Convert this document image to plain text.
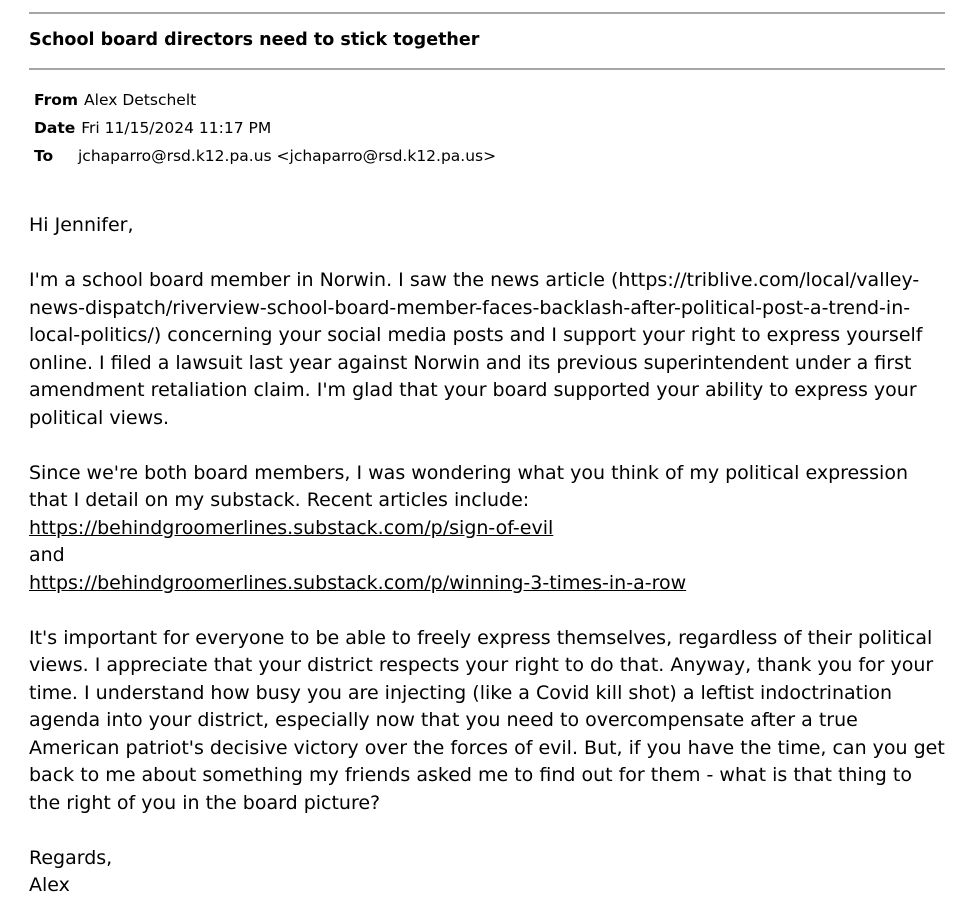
School board directors need to stick together
From Alex Detschelt
Date Fri 11/15/2024 11:17 PM
To jchaparro@rsd.k12.pa.us <jchaparro@rsd.k12.pa.us>

Hi Jennifer,

I'm a school board member in Norwin. I saw the news article (https://triblive.com/local/valley-news-dispatch/riverview-school-board-member-faces-backlash-after-political-post-a-trend-in-local-politics/) concerning your social media posts and I support your right to express yourself online. I filed a lawsuit last year against Norwin and its previous superintendent under a first amendment retaliation claim. I'm glad that your board supported your ability to express your political views.

Since we're both board members, I was wondering what you think of my political expression that I detail on my substack. Recent articles include:
https://behindgroomerlines.substack.com/p/sign-of-evil
and
https://behindgroomerlines.substack.com/p/winning-3-times-in-a-row

It's important for everyone to be able to freely express themselves, regardless of their political views. I appreciate that your district respects your right to do that. Anyway, thank you for your time. I understand how busy you are injecting (like a Covid kill shot) a leftist indoctrination agenda into your district, especially now that you need to overcompensate after a true American patriot's decisive victory over the forces of evil. But, if you have the time, can you get back to me about something my friends asked me to find out for them - what is that thing to the right of you in the board picture?

Regards,
Alex
